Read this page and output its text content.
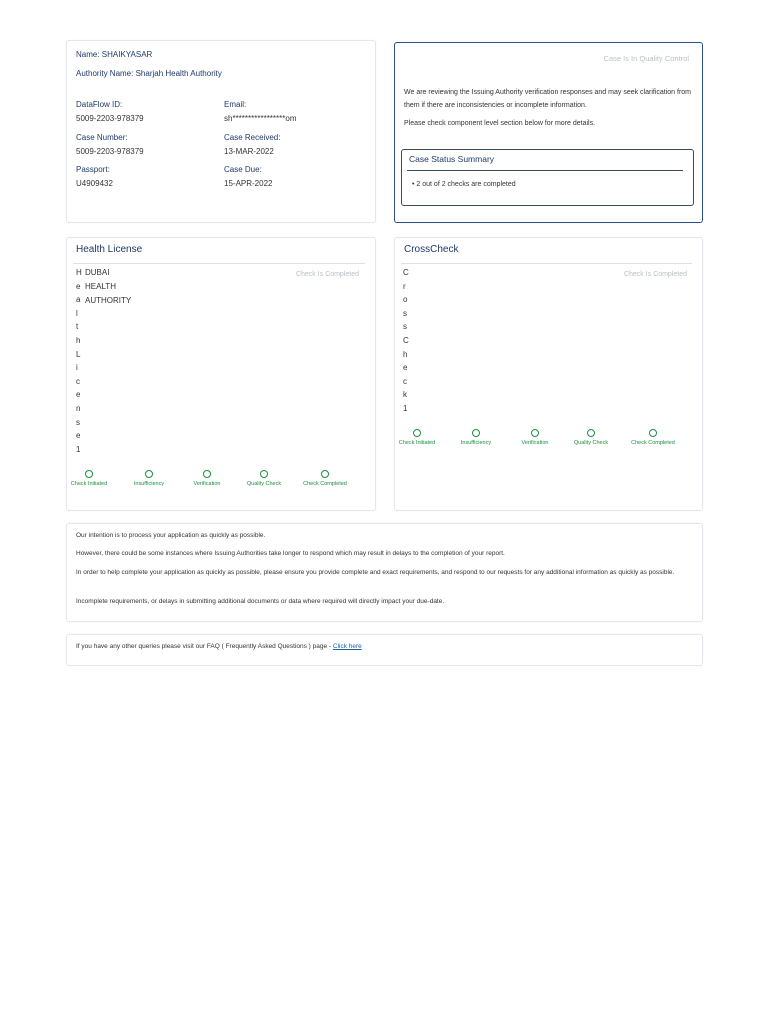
Name: SHAIKYASAR
Authority Name: Sharjah Health Authority
DataFlow ID:
5009-2203-978379
Email:
sh*****************om
Case Number:
5009-2203-978379
Case Received:
13-MAR-2022
Passport:
U4909432
Case Due:
15-APR-2022
Case Is In Quality Control
We are reviewing the Issuing Authority verification responses and may seek clarification from them if there are inconsistencies or incomplete information.
Please check component level section below for more details.
Case Status Summary
• 2 out of 2 checks are completed
Health License
Check Is Completed
H
e
a
l
t
h
L
i
c
e
n
s
e
1
DUBAI
HEALTH
AUTHORITY
Check Initiated	Insufficiency	Verification	Quality Check	Check Completed
CrossCheck
Check Is Completed
C
r
o
s
s
C
h
e
c
k
1
Check Initiated	Insufficiency	Verification	Quality Check	Check Completed
Our intention is to process your application as quickly as possible.
However, there could be some instances where Issuing Authorities take longer to respond which may result in delays to the completion of your report.
In order to help complete your application as quickly as possible, please ensure you provide complete and exact requirements, and respond to our requests for any additional information as quickly as possible.
Incomplete requirements, or delays in submitting additional documents or data where required will directly impact your due-date.
If you have any other queries please visit our FAQ ( Frequently Asked Questions ) page - Click here
